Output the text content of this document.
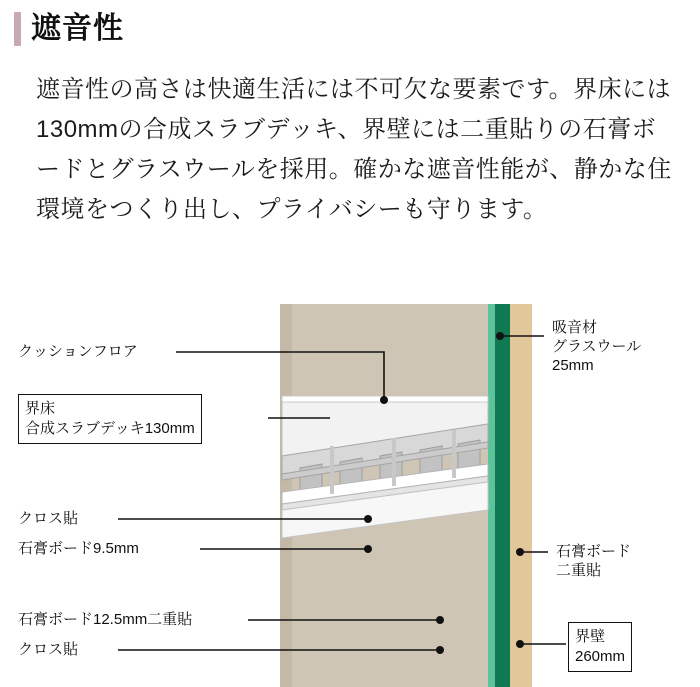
遮音性
遮音性の高さは快適生活には不可欠な要素です。界床には130mmの合成スラブデッキ、界壁には二重貼りの石膏ボードとグラスウールを採用。確かな遮音性能が、静かな住環境をつくり出し、プライバシーも守ります。
クッションフロア
界床
合成スラブデッキ130mm
クロス貼
石膏ボード9.5mm
石膏ボード12.5mm二重貼
クロス貼
吸音材
グラスウール
25mm
石膏ボード
二重貼
界壁
260mm
